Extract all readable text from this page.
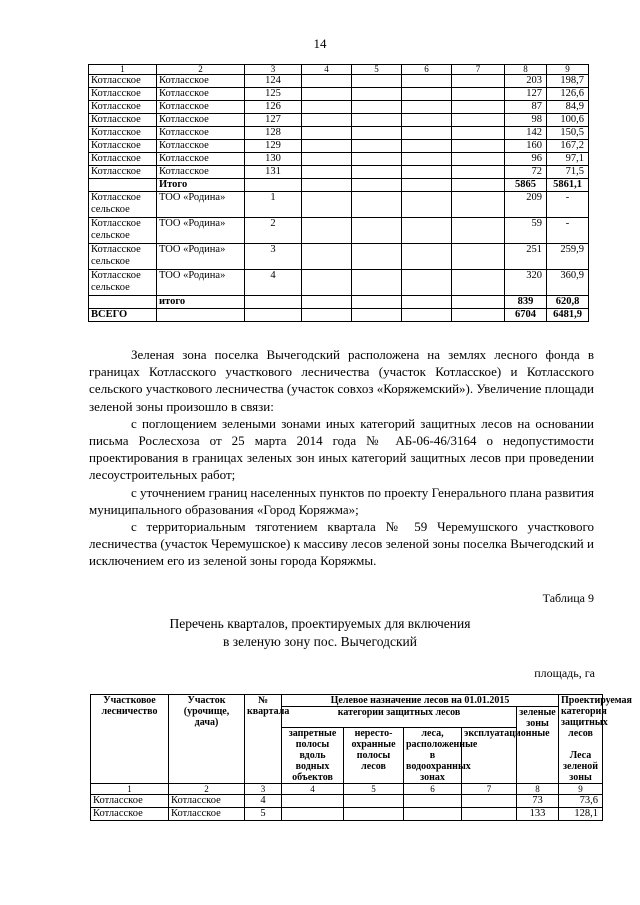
14
1	2	3	4	5	6	7	8	9
Котласское	Котласское	124					203	198,7
Котласское	Котласское	125					127	126,6
Котласское	Котласское	126					87	84,9
Котласское	Котласское	127					98	100,6
Котласское	Котласское	128					142	150,5
Котласское	Котласское	129					160	167,2
Котласское	Котласское	130					96	97,1
Котласское	Котласское	131					72	71,5
	Итого						5865	5861,1
Котласское
сельское	ТОО «Родина»	1					209	-
Котласское
сельское	ТОО «Родина»	2					59	-
Котласское
сельское	ТОО «Родина»	3					251	259,9
Котласское
сельское	ТОО «Родина»	4					320	360,9
	итого						839	620,8
ВСЕГО							6704	6481,9

Зеленая зона поселка Вычегодский расположена на землях лесного фонда в границах Котласского участкового лесничества (участок Котласское) и Котласского сельского участкового лесничества (участок совхоз «Коряжемский»). Увеличение площади зеленой зоны произошло в связи:

с поглощением зелеными зонами иных категорий защитных лесов на основании письма Рослесхоза от 25 марта 2014 года № АБ-06-46/3164 о недопустимости проектирования в границах зеленых зон иных категорий защитных лесов при проведении лесоустроительных работ;

с уточнением границ населенных пунктов по проекту Генерального плана развития муниципального образования «Город Коряжма»;

с территориальным тяготением квартала № 59 Черемушского участкового лесничества (участок Черемушское) к массиву лесов зеленой зоны поселка Вычегодский и исключением его из зеленой зоны города Коряжмы.

Таблица 9
Перечень кварталов, проектируемых для включения
в зеленую зону пос. Вычегодский
площадь, га
Участковое лесничество	Участок (урочище, дача)	№ квартала	Целевое назначение лесов на 01.01.2015					Проектируемая категория защитных лесов

Леса зеленой зоны
			категории защитных лесов				зеленые зоны	
			запретные полосы вдоль водных объектов	нересто-охранные полосы лесов	леса, расположенные в водоохранных зонах	эксплуатационные		
1	2	3	4	5	6	7	8	9
Котласское	Котласское	4					73	73,6
Котласское	Котласское	5					133	128,1
